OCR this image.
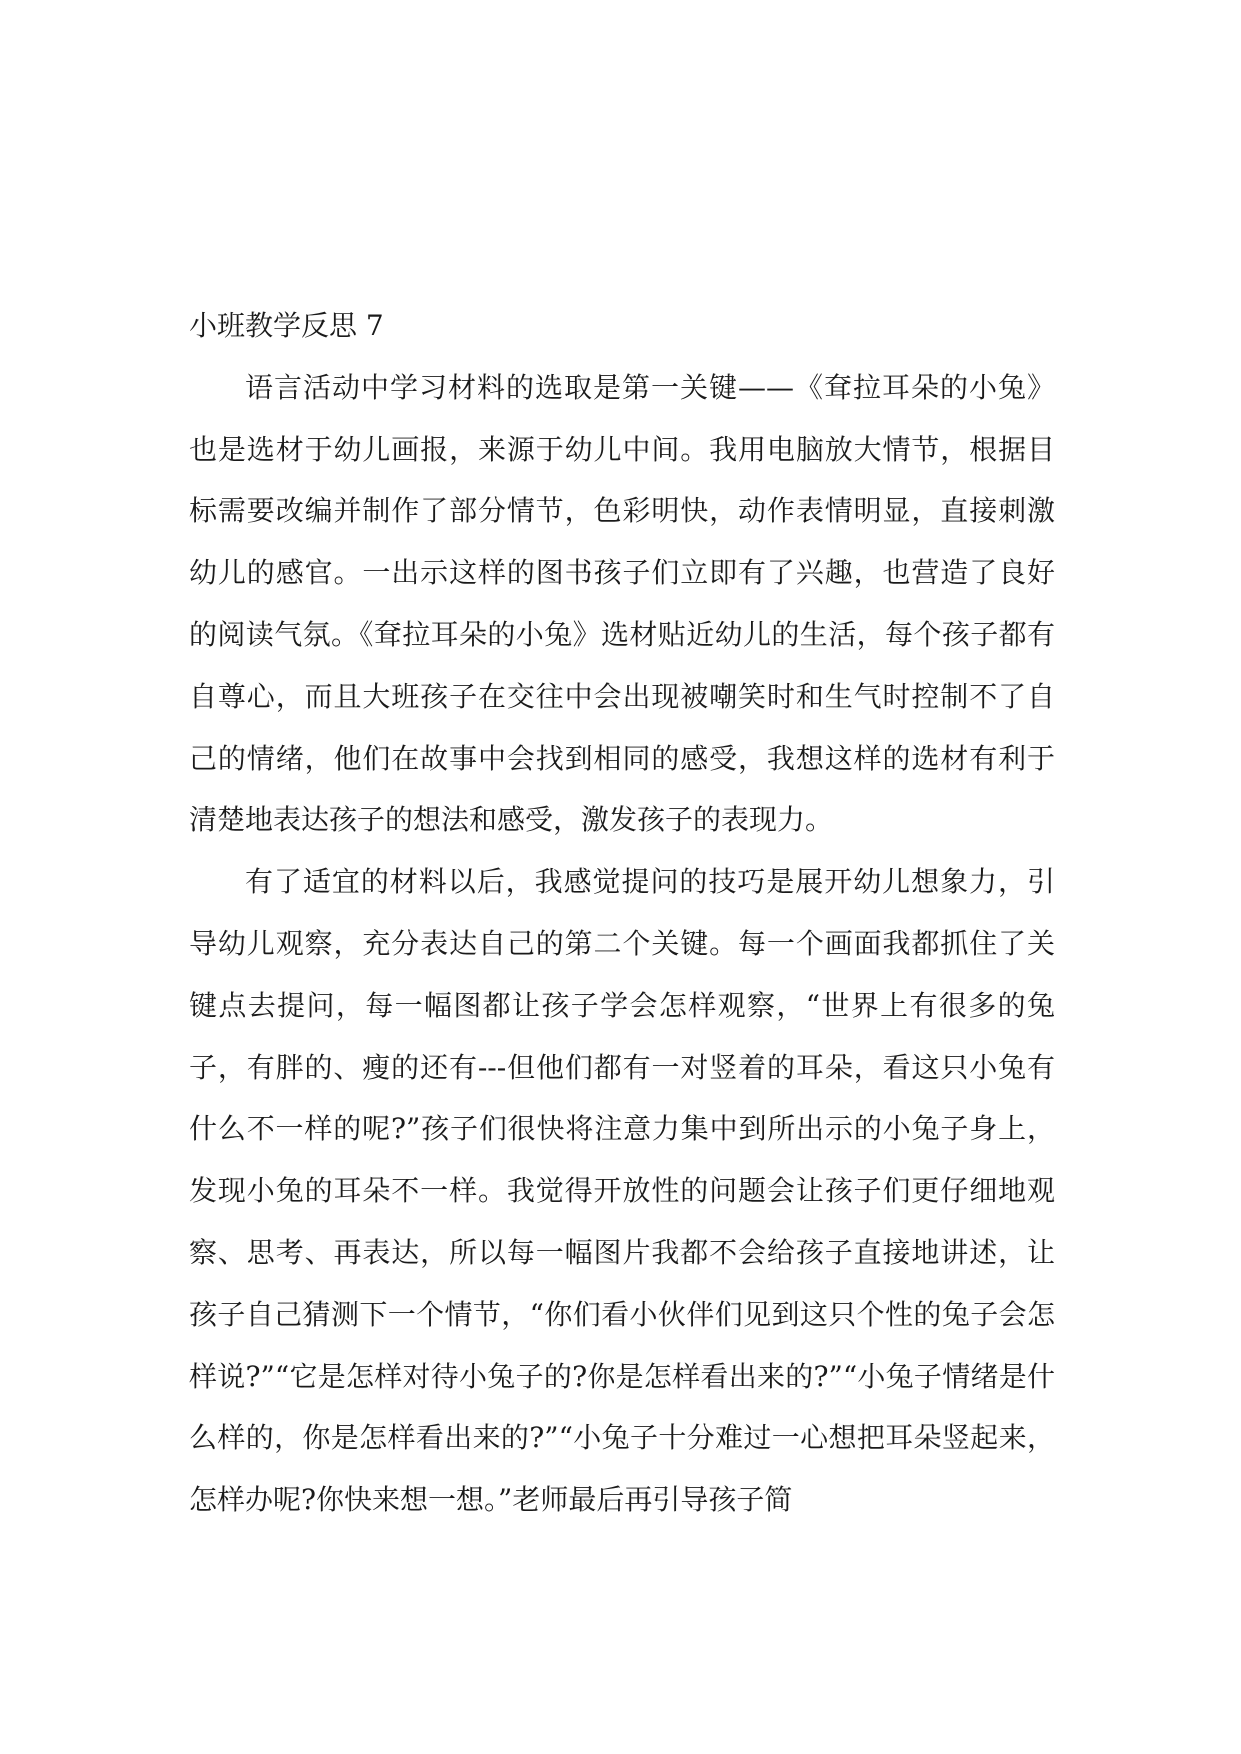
小班教学反思 7

语言活动中学习材料的选取是第一关键——《耷拉耳朵的小兔》也是选材于幼儿画报，来源于幼儿中间。我用电脑放大情节，根据目标需要改编并制作了部分情节，色彩明快，动作表情明显，直接刺激幼儿的感官。一出示这样的图书孩子们立即有了兴趣，也营造了良好的阅读气氛。《耷拉耳朵的小兔》选材贴近幼儿的生活，每个孩子都有自尊心，而且大班孩子在交往中会出现被嘲笑时和生气时控制不了自己的情绪，他们在故事中会找到相同的感受，我想这样的选材有利于清楚地表达孩子的想法和感受，激发孩子的表现力。

有了适宜的材料以后，我感觉提问的技巧是展开幼儿想象力，引导幼儿观察，充分表达自己的第二个关键。每一个画面我都抓住了关键点去提问，每一幅图都让孩子学会怎样观察，“世界上有很多的兔子，有胖的、瘦的还有---但他们都有一对竖着的耳朵，看这只小兔有什么不一样的呢?”孩子们很快将注意力集中到所出示的小兔子身上，发现小兔的耳朵不一样。我觉得开放性的问题会让孩子们更仔细地观察、思考、再表达，所以每一幅图片我都不会给孩子直接地讲述，让孩子自己猜测下一个情节，“你们看小伙伴们见到这只个性的兔子会怎样说?”“它是怎样对待小兔子的?你是怎样看出来的?”“小兔子情绪是什么样的，你是怎样看出来的?”“小兔子十分难过一心想把耳朵竖起来，怎样办呢?你快来想一想。”老师最后再引导孩子简
